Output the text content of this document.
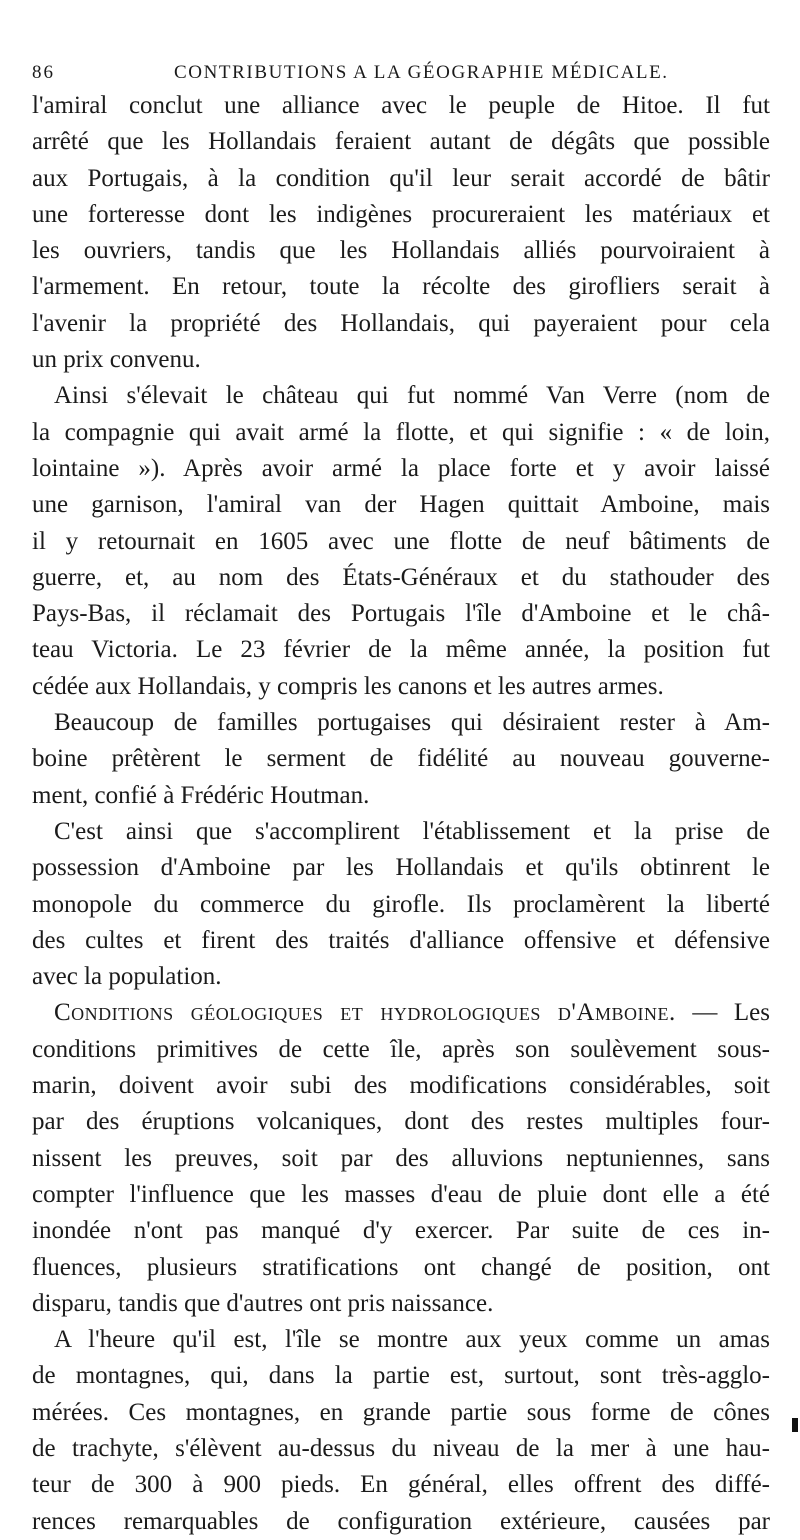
86	CONTRIBUTIONS A LA GÉOGRAPHIE MÉDICALE.
l'amiral conclut une alliance avec le peuple de Hitoe. Il fut
arrêté que les Hollandais feraient autant de dégâts que possible
aux Portugais, à la condition qu'il leur serait accordé de bâtir
une forteresse dont les indigènes procureraient les matériaux et
les ouvriers, tandis que les Hollandais alliés pourvoiraient à
l'armement. En retour, toute la récolte des girofliers serait à
l'avenir la propriété des Hollandais, qui payeraient pour cela
un prix convenu.
Ainsi s'élevait le château qui fut nommé Van Verre (nom de
la compagnie qui avait armé la flotte, et qui signifie : « de loin,
lointaine »). Après avoir armé la place forte et y avoir laissé
une garnison, l'amiral van der Hagen quittait Amboine, mais
il y retournait en 1605 avec une flotte de neuf bâtiments de
guerre, et, au nom des États-Généraux et du stathouder des
Pays-Bas, il réclamait des Portugais l'île d'Amboine et le châ-
teau Victoria. Le 23 février de la même année, la position fut
cédée aux Hollandais, y compris les canons et les autres armes.
Beaucoup de familles portugaises qui désiraient rester à Am-
boine prêtèrent le serment de fidélité au nouveau gouverne-
ment, confié à Frédéric Houtman.
C'est ainsi que s'accomplirent l'établissement et la prise de
possession d'Amboine par les Hollandais et qu'ils obtinrent le
monopole du commerce du girofle. Ils proclamèrent la liberté
des cultes et firent des traités d'alliance offensive et défensive
avec la population.
Conditions géologiques et hydrologiques d'Amboine. — Les
conditions primitives de cette île, après son soulèvement sous-
marin, doivent avoir subi des modifications considérables, soit
par des éruptions volcaniques, dont des restes multiples four-
nissent les preuves, soit par des alluvions neptuniennes, sans
compter l'influence que les masses d'eau de pluie dont elle a été
inondée n'ont pas manqué d'y exercer. Par suite de ces in-
fluences, plusieurs stratifications ont changé de position, ont
disparu, tandis que d'autres ont pris naissance.
A l'heure qu'il est, l'île se montre aux yeux comme un amas
de montagnes, qui, dans la partie est, surtout, sont très-agglo-
mérées. Ces montagnes, en grande partie sous forme de cônes
de trachyte, s'élèvent au-dessus du niveau de la mer à une hau-
teur de 300 à 900 pieds. En général, elles offrent des diffé-
rences remarquables de configuration extérieure, causées par
